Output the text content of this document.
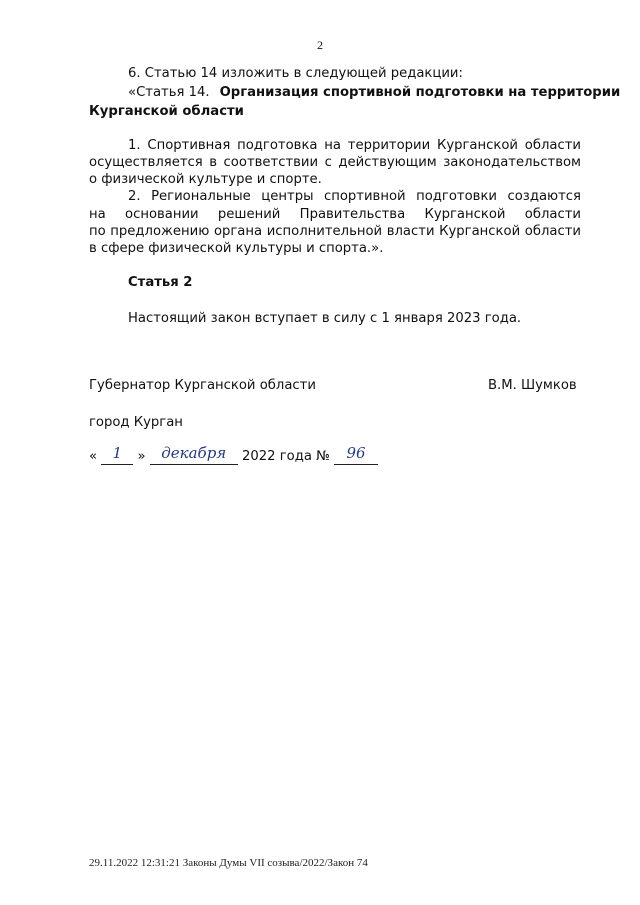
2
6. Статью 14 изложить в следующей редакции:
«Статья 14. Организация спортивной подготовки на территории
Курганской области
1. Спортивная подготовка на территории Курганской области
осуществляется в соответствии с действующим законодательством
о физической культуре и спорте.
2. Региональные центры спортивной подготовки создаются
на основании решений Правительства Курганской области
по предложению органа исполнительной власти Курганской области
в сфере физической культуры и спорта.».
Статья 2
Настоящий закон вступает в силу с 1 января 2023 года.
Губернатор Курганской области	В.М. Шумков
город Курган
« 1 » декабря 2022 года № 96
29.11.2022 12:31:21 Законы Думы VII созыва/2022/Закон 74
